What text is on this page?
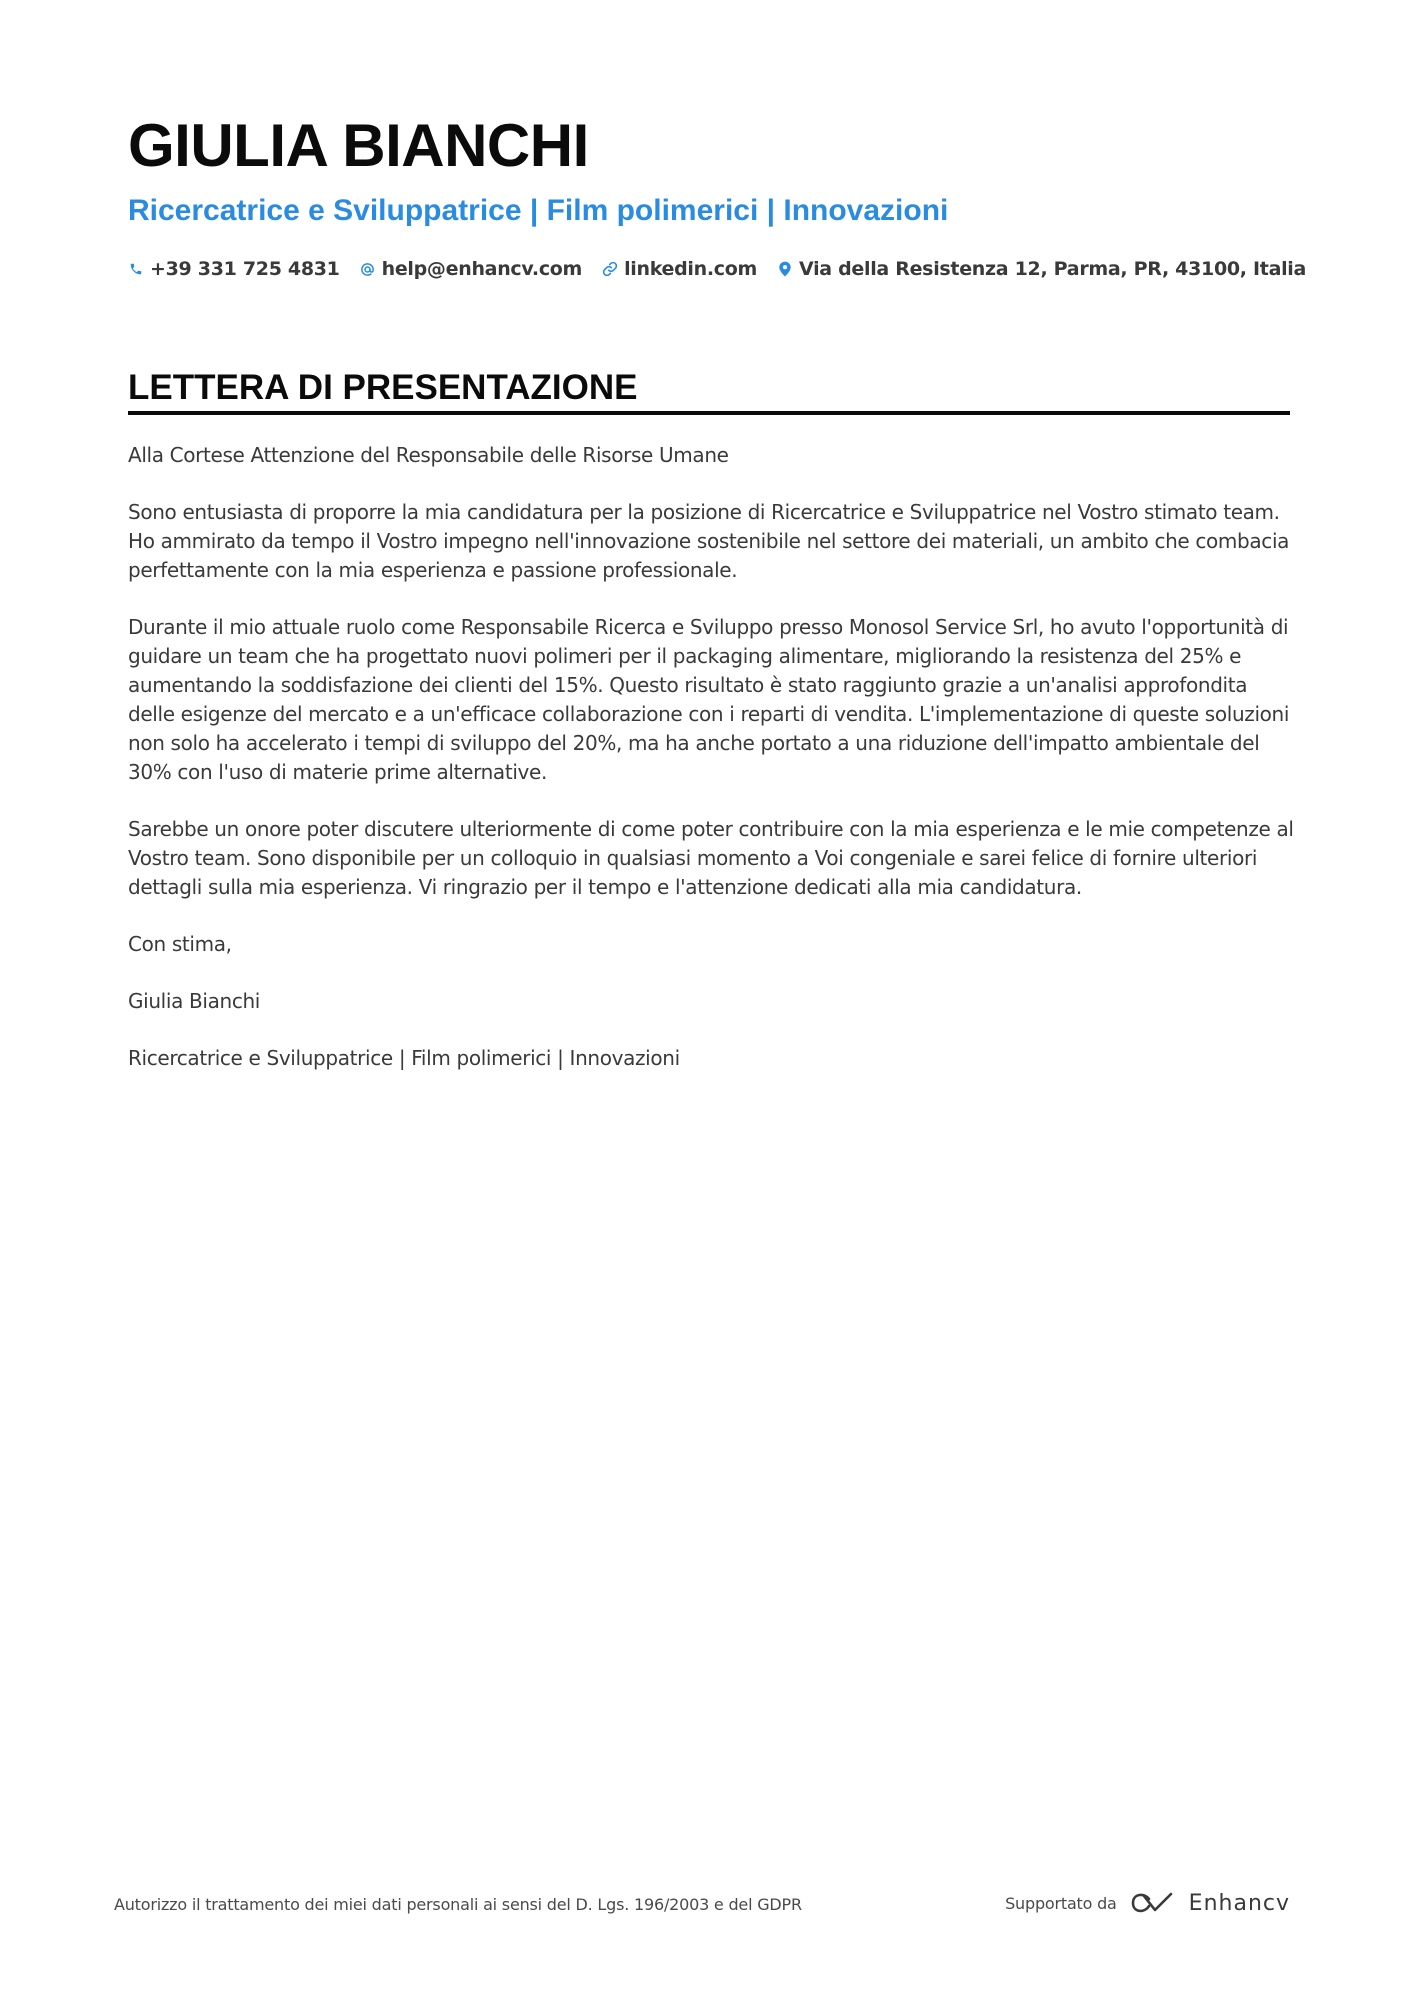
GIULIA BIANCHI
Ricercatrice e Sviluppatrice | Film polimerici | Innovazioni
+39 331 725 4831 help@enhancv.com linkedin.com Via della Resistenza 12, Parma, PR, 43100, Italia
LETTERA DI PRESENTAZIONE

Alla Cortese Attenzione del Responsabile delle Risorse Umane

Sono entusiasta di proporre la mia candidatura per la posizione di Ricercatrice e Sviluppatrice nel Vostro stimato team. Ho ammirato da tempo il Vostro impegno nell'innovazione sostenibile nel settore dei materiali, un ambito che combacia perfettamente con la mia esperienza e passione professionale.

Durante il mio attuale ruolo come Responsabile Ricerca e Sviluppo presso Monosol Service Srl, ho avuto l'opportunità di guidare un team che ha progettato nuovi polimeri per il packaging alimentare, migliorando la resistenza del 25% e aumentando la soddisfazione dei clienti del 15%. Questo risultato è stato raggiunto grazie a un'analisi approfondita delle esigenze del mercato e a un'efficace collaborazione con i reparti di vendita. L'implementazione di queste soluzioni non solo ha accelerato i tempi di sviluppo del 20%, ma ha anche portato a una riduzione dell'impatto ambientale del 30% con l'uso di materie prime alternative.

Sarebbe un onore poter discutere ulteriormente di come poter contribuire con la mia esperienza e le mie competenze al Vostro team. Sono disponibile per un colloquio in qualsiasi momento a Voi congeniale e sarei felice di fornire ulteriori dettagli sulla mia esperienza. Vi ringrazio per il tempo e l'attenzione dedicati alla mia candidatura.

Con stima,

Giulia Bianchi

Ricercatrice e Sviluppatrice | Film polimerici | Innovazioni

Autorizzo il trattamento dei miei dati personali ai sensi del D. Lgs. 196/2003 e del GDPR	Supportato da	Enhancv
